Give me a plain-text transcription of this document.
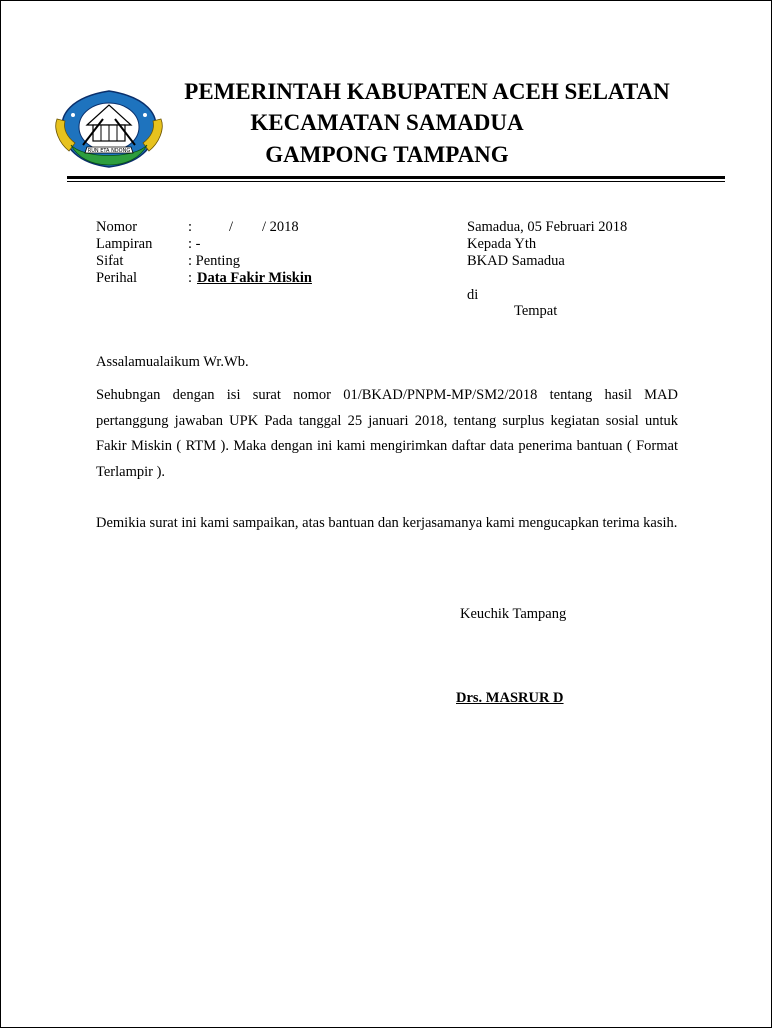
RUN ETA NDONG
PEMERINTAH KABUPATEN ACEH SELATAN
KECAMATAN SAMADUA
GAMPONG TAMPANG
Nomor	:	/ / 2018
Lampiran : -
Sifat	: Penting
Perihal	: Data Fakir Miskin
Samadua, 05 Februari 2018
Kepada Yth
BKAD Samadua
di
Tempat
Assalamualaikum Wr.Wb.
Sehubngan dengan isi surat nomor 01/BKAD/PNPM-MP/SM2/2018 tentang hasil MAD pertanggung jawaban UPK Pada tanggal 25 januari 2018, tentang surplus kegiatan sosial untuk Fakir Miskin ( RTM ). Maka dengan ini kami mengirimkan daftar data penerima bantuan ( Format Terlampir ).
Demikia surat ini kami sampaikan, atas bantuan dan kerjasamanya kami mengucapkan terima kasih.
Keuchik Tampang
Drs. MASRUR D
